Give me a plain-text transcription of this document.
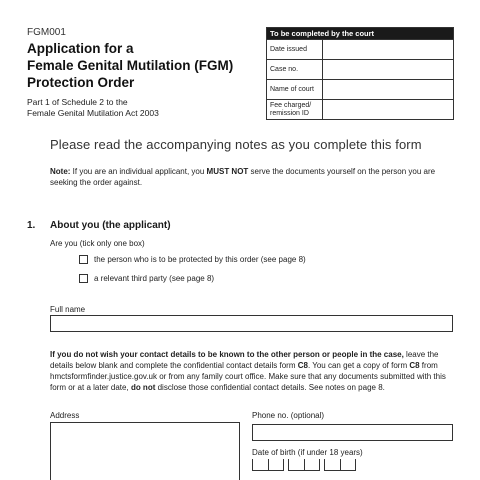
FGM001
Application for a
Female Genital Mutilation (FGM)
Protection Order
Part 1 of Schedule 2 to the
Female Genital Mutilation Act 2003
To be completed by the court
Date issued
Case no.
Name of court
Fee charged/ remission ID
Please read the accompanying notes as you complete this form
Note: If you are an individual applicant, you MUST NOT serve the documents yourself on the person you are seeking the order against.
1. About you (the applicant)
Are you (tick only one box)
the person who is to be protected by this order (see page 8)
a relevant third party (see page 8)
Full name
If you do not wish your contact details to be known to the other person or people in the case, leave the details below blank and complete the confidential contact details form C8. You can get a copy of form C8 from hmctsformfinder.justice.gov.uk or from any family court office. Make sure that any documents submitted with this form or at a later date, do not disclose those confidential contact details. See notes on page 8.
Address	Phone no. (optional)
Date of birth (if under 18 years)
